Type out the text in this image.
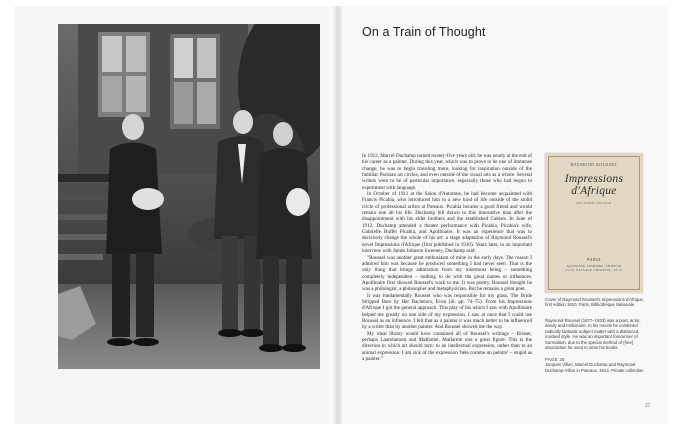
On a Train of Thought

In 1912, Marcel Duchamp turned twenty-five years old; he was nearly at the end of his career as a painter. During this year, which was to prove to be one of immense change, he was to begin traveling more, looking for inspiration outside of the familiar Parisian art circles, and even outside of the visual arts as a whole. Several writers were to be of particular importance, especially those who had begun to experiment with language.

In October of 1911 at the Salon d'Automne, he had become acquainted with Francis Picabia, who introduced him to a new kind of life outside of the stolid circle of professional artists at Puteaux. Picabia became a good friend and would remain one all his life. Duchamp fell drawn to this innovative man after the disappointment with his elder brothers and the established Cubists. In June of 1912, Duchamp attended a theater performance with Picabia, Picabia's wife, Gabrielle Buffet Picabia, and Apollinaire. It was an experience that was to decisively change the whole of his art: a stage adaptation of Raymond Roussel's novel Impressions d'Afrique (first published in 1910). Years later, in an important interview with James Johnson Sweeney, Duchamp said:

"Roussel was another great enthusiasm of mine in the early days. The reason I admired him was because he produced something I had never seen. That is the only thing that brings admiration from my innermost being – something completely independent – nothing to do with the great names or influences. Apollinaire first showed Roussel's work to me. It was poetry. Roussel thought he was a philologist, a philosopher and metaphysician. But he remains a great poet.

It was fundamentally Roussel who was responsible for my glass, The Bride Stripped Bare by Her Bachelors, Even (ill. pp. 74–75). From his Impressions d'Afrique I got the general approach. This play of his which I saw with Apollinaire helped me greatly on one side of my expression. I saw at once that I could use Roussel as an influence. I felt that as a painter it was much better to be influenced by a writer than by another painter. And Roussel showed me the way.

My ideal library would have contained all of Roussel's writings – Brisset, perhaps Lautréamont and Mallarmé. Mallarmé was a great figure. This is the direction in which art should turn: to an intellectual expression, rather than to an animal expression. I am sick of the expression 'bête comme un peintre' – stupid as a painter."

RAYMOND ROUSSEL
Impressions
d'Afrique
DEUXIÈME ÉDITION
PARIS
ALPHONSE LEMERRE, ÉDITEUR
23-31, PASSAGE CHOISEUL, 23-31
Cover of Raymond Roussel's Impressions d'Afrique, first edition 1910. Paris, Bibliothèque Nationale
Raymond Roussel (1877–1933) was a poet, actor, dandy and millionaire. In his novels he combined radically fantastic subject matter with a distanced, mocked style. He was an important forerunner of Surrealism, due to the special method of (free) association he used to write his books.
PAGE 26
Jacques Villon, Marcel Duchamp and Raymond Duchamp-Villon in Puteaux, 1913. Private collection
27
